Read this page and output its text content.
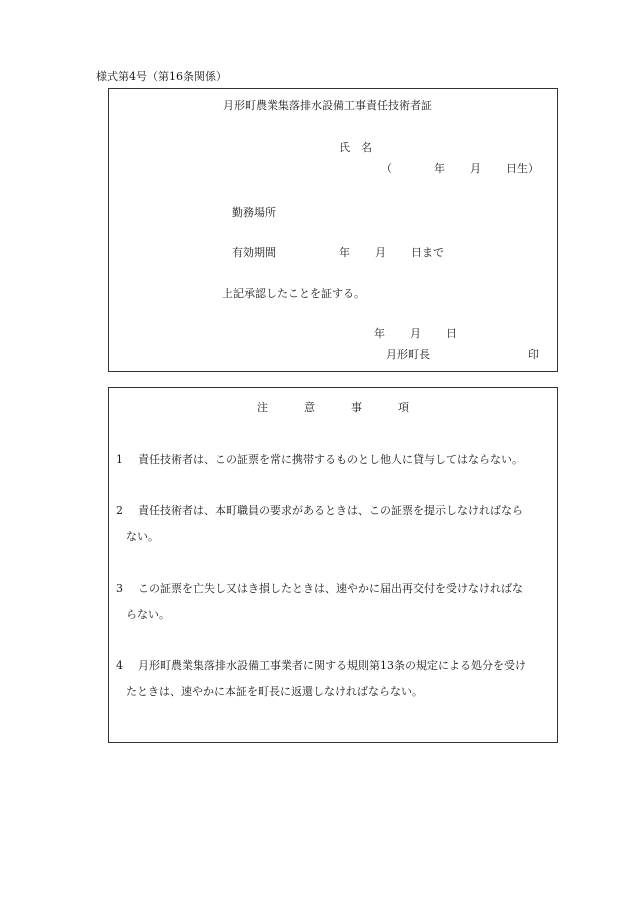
様式第4号（第16条関係）
月形町農業集落排水設備工事責任技術者証
氏　名
（	年 月 日生）
勤務場所
有効期間	年 月 日まで
上記承認したことを証する。
年 月 日
月形町長	印
注	意	事	項
1 責任技術者は、この証票を常に携帯するものとし他人に貸与してはならない。
2 責任技術者は、本町職員の要求があるときは、この証票を提示しなければなら
ない。
3 この証票を亡失し又はき損したときは、速やかに届出再交付を受けなければな
らない。
4 月形町農業集落排水設備工事業者に関する規則第13条の規定による処分を受け
たときは、速やかに本証を町長に返還しなければならない。
